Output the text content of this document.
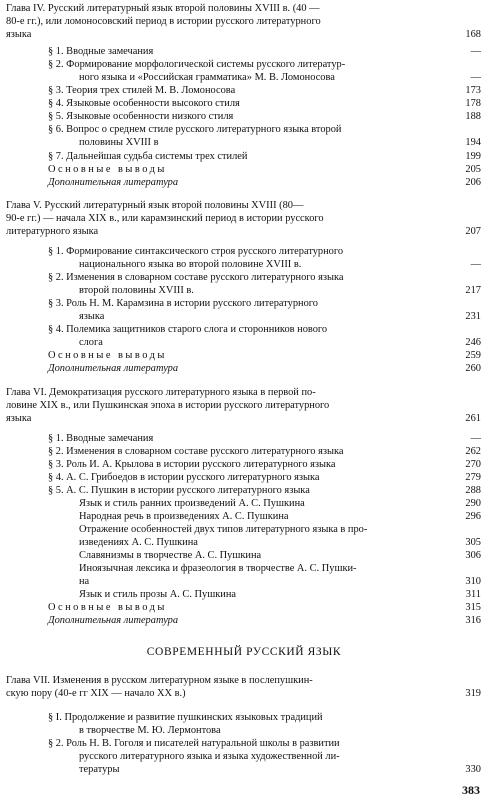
Глава IV. Русский литературный язык второй половины XVIII в. (40 —
80-е гг.), или ломоносовский период в истории русского литературного
языка	168
§ 1. Вводные замечания	—
§ 2. Формирование морфологической системы русского литератур-
ного языка и «Российская грамматика» М. В. Ломоносова	—
§ 3. Теория трех стилей М. В. Ломоносова	173
§ 4. Языковые особенности высокого стиля	178
§ 5. Языковые особенности низкого стиля	188
§ 6. Вопрос о среднем стиле русского литературного языка второй
половины XVIII в	194
§ 7. Дальнейшая судьба системы трех стилей	199
Основные выводы	205
Дополнительная литература	206
Глава V. Русский литературный язык второй половины XVIII (80—
90-е гг.) — начала XIX в., или карамзинский период в истории русского
литературного языка	207
§ 1. Формирование синтаксического строя русского литературного
национального языка во второй половине XVIII в.	—
§ 2. Изменения в словарном составе русского литературного языка
второй половины XVIII в.	217
§ 3. Роль Н. М. Карамзина в истории русского литературного
языка	231
§ 4. Полемика защитников старого слога и сторонников нового
слога	246
Основные выводы	259
Дополнительная литература	260
Глава VI. Демократизация русского литературного языка в первой по-
ловине XIX в., или Пушкинская эпоха в истории русского литературного
языка	261
§ 1. Вводные замечания	—
§ 2. Изменения в словарном составе русского литературного языка	262
§ 3. Роль И. А. Крылова в истории русского литературного языка	270
§ 4. А. С. Грибоедов в истории русского литературного языка	279
§ 5. А. С. Пушкин в истории русского литературного языка	288
Язык и стиль ранних произведений А. С. Пушкина	290
Народная речь в произведениях А. С. Пушкина	296
Отражение особенностей двух типов литературного языка в про-
изведениях А. С. Пушкина	305
Славянизмы в творчестве А. С. Пушкина	306
Иноязычная лексика и фразеология в творчестве А. С. Пушки-
на	310
Язык и стиль прозы А. С. Пушкина	311
Основные выводы	315
Дополнительная литература	316
СОВРЕМЕННЫЙ РУССКИЙ ЯЗЫК
Глава VII. Изменения в русском литературном языке в послепушкин-
скую пору (40-е гг XIX — начало XX в.)	319
§ I. Продолжение и развитие пушкинских языковых традиций
в творчестве М. Ю. Лермонтова
§ 2. Роль Н. В. Гоголя и писателей натуральной школы в развитии
русского литературного языка и языка художественной ли-
тературы	330
383
